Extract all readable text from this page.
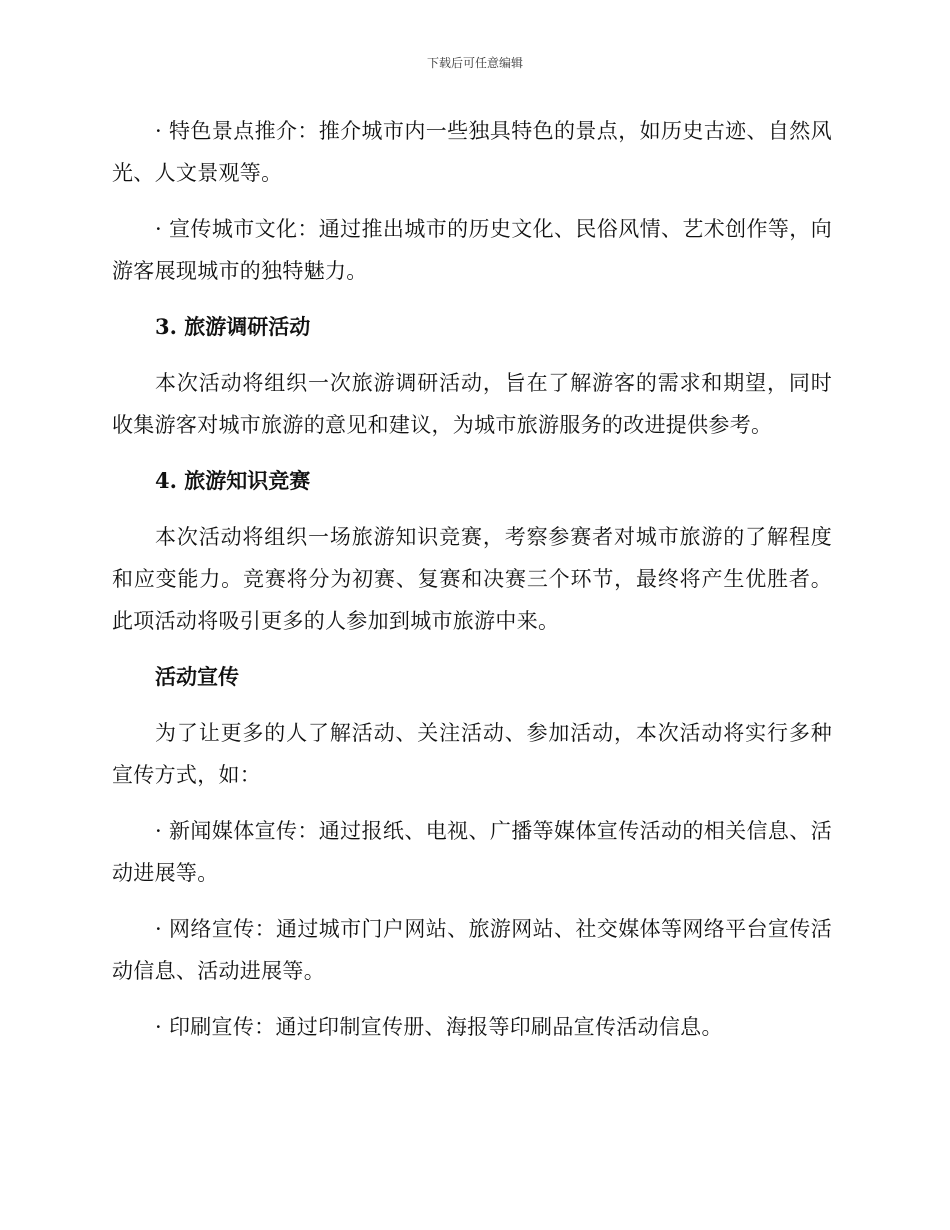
下载后可任意编辑

· 特色景点推介：推介城市内一些独具特色的景点，如历史古迹、自然风光、人文景观等。

· 宣传城市文化：通过推出城市的历史文化、民俗风情、艺术创作等，向游客展现城市的独特魅力。

3. 旅游调研活动

本次活动将组织一次旅游调研活动，旨在了解游客的需求和期望，同时收集游客对城市旅游的意见和建议，为城市旅游服务的改进提供参考。

4. 旅游知识竞赛

本次活动将组织一场旅游知识竞赛，考察参赛者对城市旅游的了解程度和应变能力。竞赛将分为初赛、复赛和决赛三个环节，最终将产生优胜者。此项活动将吸引更多的人参加到城市旅游中来。

活动宣传

为了让更多的人了解活动、关注活动、参加活动，本次活动将实行多种宣传方式，如：

· 新闻媒体宣传：通过报纸、电视、广播等媒体宣传活动的相关信息、活动进展等。

· 网络宣传：通过城市门户网站、旅游网站、社交媒体等网络平台宣传活动信息、活动进展等。

· 印刷宣传：通过印制宣传册、海报等印刷品宣传活动信息。
